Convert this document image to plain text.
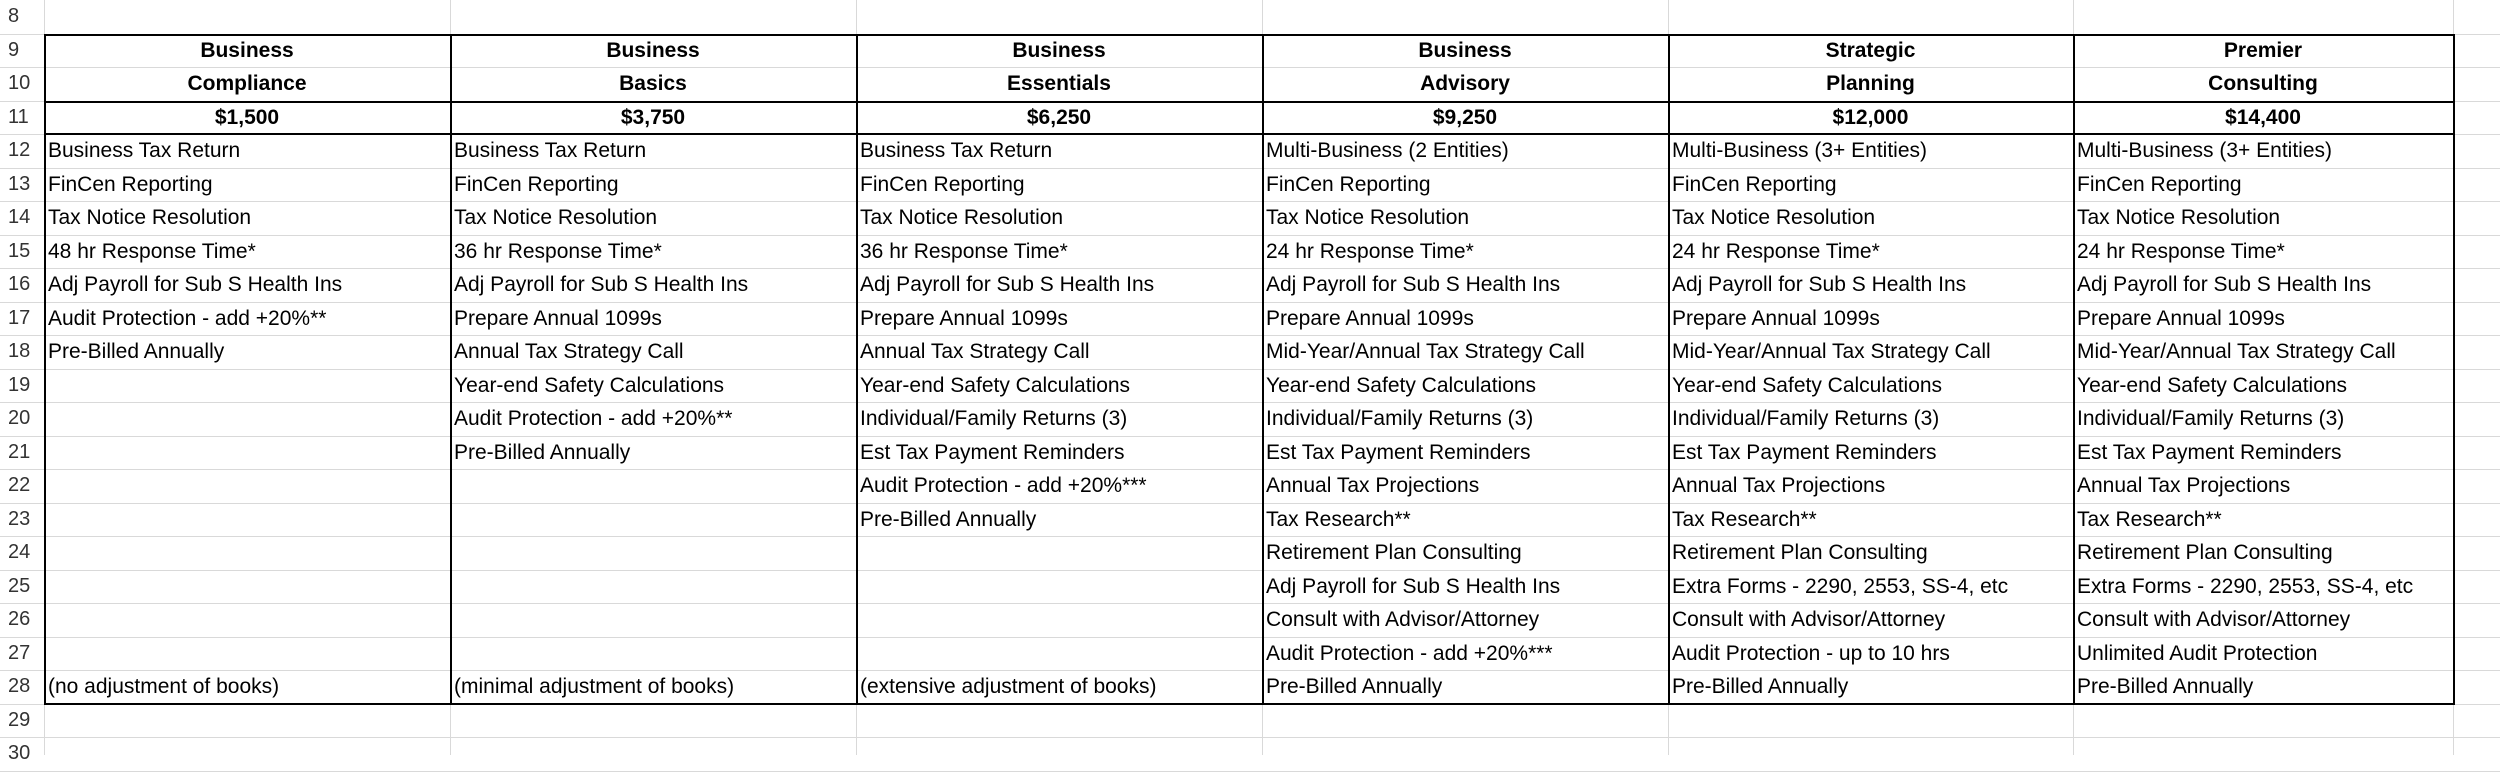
8
9
10
11
12
13
14
15
16
17
18
19
20
21
22
23
24
25
26
27
28
29
30
Business
Compliance
$1,500
Business Tax Return
FinCen Reporting
Tax Notice Resolution
48 hr Response Time*
Adj Payroll for Sub S Health Ins
Audit Protection - add +20%**
Pre-Billed Annually
(no adjustment of books)
Business
Basics
$3,750
Business Tax Return
FinCen Reporting
Tax Notice Resolution
36 hr Response Time*
Adj Payroll for Sub S Health Ins
Prepare Annual 1099s
Annual Tax Strategy Call
Year-end Safety Calculations
Audit Protection - add +20%**
Pre-Billed Annually
(minimal adjustment of books)
Business
Essentials
$6,250
Business Tax Return
FinCen Reporting
Tax Notice Resolution
36 hr Response Time*
Adj Payroll for Sub S Health Ins
Prepare Annual 1099s
Annual Tax Strategy Call
Year-end Safety Calculations
Individual/Family Returns (3)
Est Tax Payment Reminders
Audit Protection - add +20%***
Pre-Billed Annually
(extensive adjustment of books)
Business
Advisory
$9,250
Multi-Business (2 Entities)
FinCen Reporting
Tax Notice Resolution
24 hr Response Time*
Adj Payroll for Sub S Health Ins
Prepare Annual 1099s
Mid-Year/Annual Tax Strategy Call
Year-end Safety Calculations
Individual/Family Returns (3)
Est Tax Payment Reminders
Annual Tax Projections
Tax Research**
Retirement Plan Consulting
Adj Payroll for Sub S Health Ins
Consult with Advisor/Attorney
Audit Protection - add +20%***
Pre-Billed Annually
Strategic
Planning
$12,000
Multi-Business (3+ Entities)
FinCen Reporting
Tax Notice Resolution
24 hr Response Time*
Adj Payroll for Sub S Health Ins
Prepare Annual 1099s
Mid-Year/Annual Tax Strategy Call
Year-end Safety Calculations
Individual/Family Returns (3)
Est Tax Payment Reminders
Annual Tax Projections
Tax Research**
Retirement Plan Consulting
Extra Forms - 2290, 2553, SS-4, etc
Consult with Advisor/Attorney
Audit Protection - up to 10 hrs
Pre-Billed Annually
Premier
Consulting
$14,400
Multi-Business (3+ Entities)
FinCen Reporting
Tax Notice Resolution
24 hr Response Time*
Adj Payroll for Sub S Health Ins
Prepare Annual 1099s
Mid-Year/Annual Tax Strategy Call
Year-end Safety Calculations
Individual/Family Returns (3)
Est Tax Payment Reminders
Annual Tax Projections
Tax Research**
Retirement Plan Consulting
Extra Forms - 2290, 2553, SS-4, etc
Consult with Advisor/Attorney
Unlimited Audit Protection
Pre-Billed Annually
